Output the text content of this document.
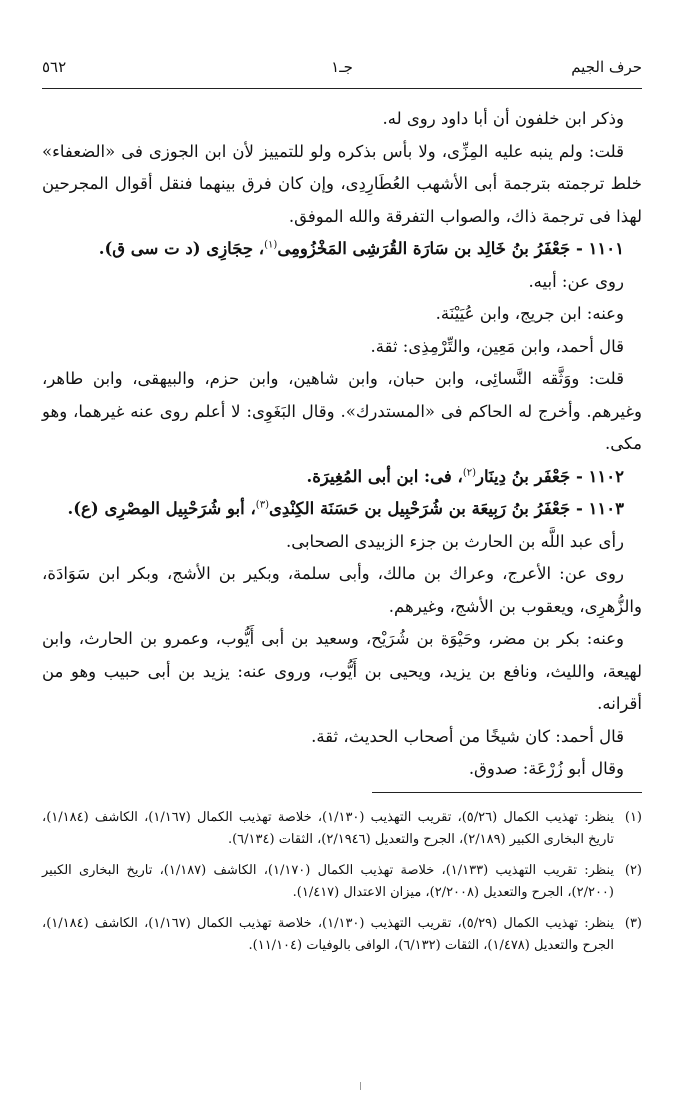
حرف الجيم
جـ١
٥٦٢

وذكر ابن خلفون أن أبا داود روى له.

قلت: ولم ينبه عليه المِزِّى، ولا بأس بذكره ولو للتمييز لأن ابن الجوزى فى «الضعفاء» خلط ترجمته بترجمة أبى الأشهب العُطَارِدِى، وإن كان فرق بينهما فنقل أقوال المجرحين لهذا فى ترجمة ذاك، والصواب التفرقة والله الموفق.

١١٠١ - جَعْفَرُ بنُ خَالِد بن سَارَة القُرَشِى المَخْزُومِى$^{(١)}$، حِجَازِى (د ت سى ق).

روى عن: أبيه.

وعنه: ابن جريج، وابن عُيَيْنَة.

قال أحمد، وابن مَعِين، والتِّرْمِذِى: ثقة.

قلت: ووَثَّقه النَّسائِى، وابن حبان، وابن شاهين، وابن حزم، والبيهقى، وابن طاهر، وغيرهم. وأخرج له الحاكم فى «المستدرك». وقال البَغَوِى: لا أعلم روى عنه غيرهما، وهو مكى.

١١٠٢ - جَعْفَر بنُ دِينَار$^{(٢)}$، فى: ابن أبى المُغِيرَة.

١١٠٣ - جَعْفَرُ بنُ رَبِيعَة بن شُرَحْبِيل بن حَسَنَة الكِنْدِى$^{(٣)}$، أبو شُرَحْبِيل المِصْرِى (ع).

رأى عبد اللَّه بن الحارث بن جزء الزبيدى الصحابى.

روى عن: الأعرج، وعراك بن مالك، وأبى سلمة، وبكير بن الأشج، وبكر ابن سَوَادَة، والزُّهرِى، ويعقوب بن الأشج، وغيرهم.

وعنه: بكر بن مضر، وحَيْوَة بن شُرَيْح، وسعيد بن أبى أَيُّوب، وعمرو بن الحارث، وابن لهيعة، والليث، ونافع بن يزيد، ويحيى بن أَيُّوب، وروى عنه: يزيد بن أبى حبيب وهو من أقرانه.

قال أحمد: كان شيخًا من أصحاب الحديث، ثقة.

وقال أبو زُرْعَة: صدوق.

(١)
ينظر: تهذيب الكمال (٥/٢٦)، تقريب التهذيب (١/١٣٠)، خلاصة تهذيب الكمال (١/١٦٧)، الكاشف (١/١٨٤)، تاريخ البخارى الكبير (٢/١٨٩)، الجرح والتعديل (٢/١٩٤٦)، الثقات (٦/١٣٤).
(٢)
ينظر: تقريب التهذيب (١/١٣٣)، خلاصة تهذيب الكمال (١/١٧٠)، الكاشف (١/١٨٧)، تاريخ البخارى الكبير (٢/٢٠٠)، الجرح والتعديل (٢/٢٠٠٨)، ميزان الاعتدال (١/٤١٧).
(٣)
ينظر: تهذيب الكمال (٥/٢٩)، تقريب التهذيب (١/١٣٠)، خلاصة تهذيب الكمال (١/١٦٧)، الكاشف (١/١٨٤)، الجرح والتعديل (١/٤٧٨)، الثقات (٦/١٣٢)، الوافى بالوفيات (١١/١٠٤).
